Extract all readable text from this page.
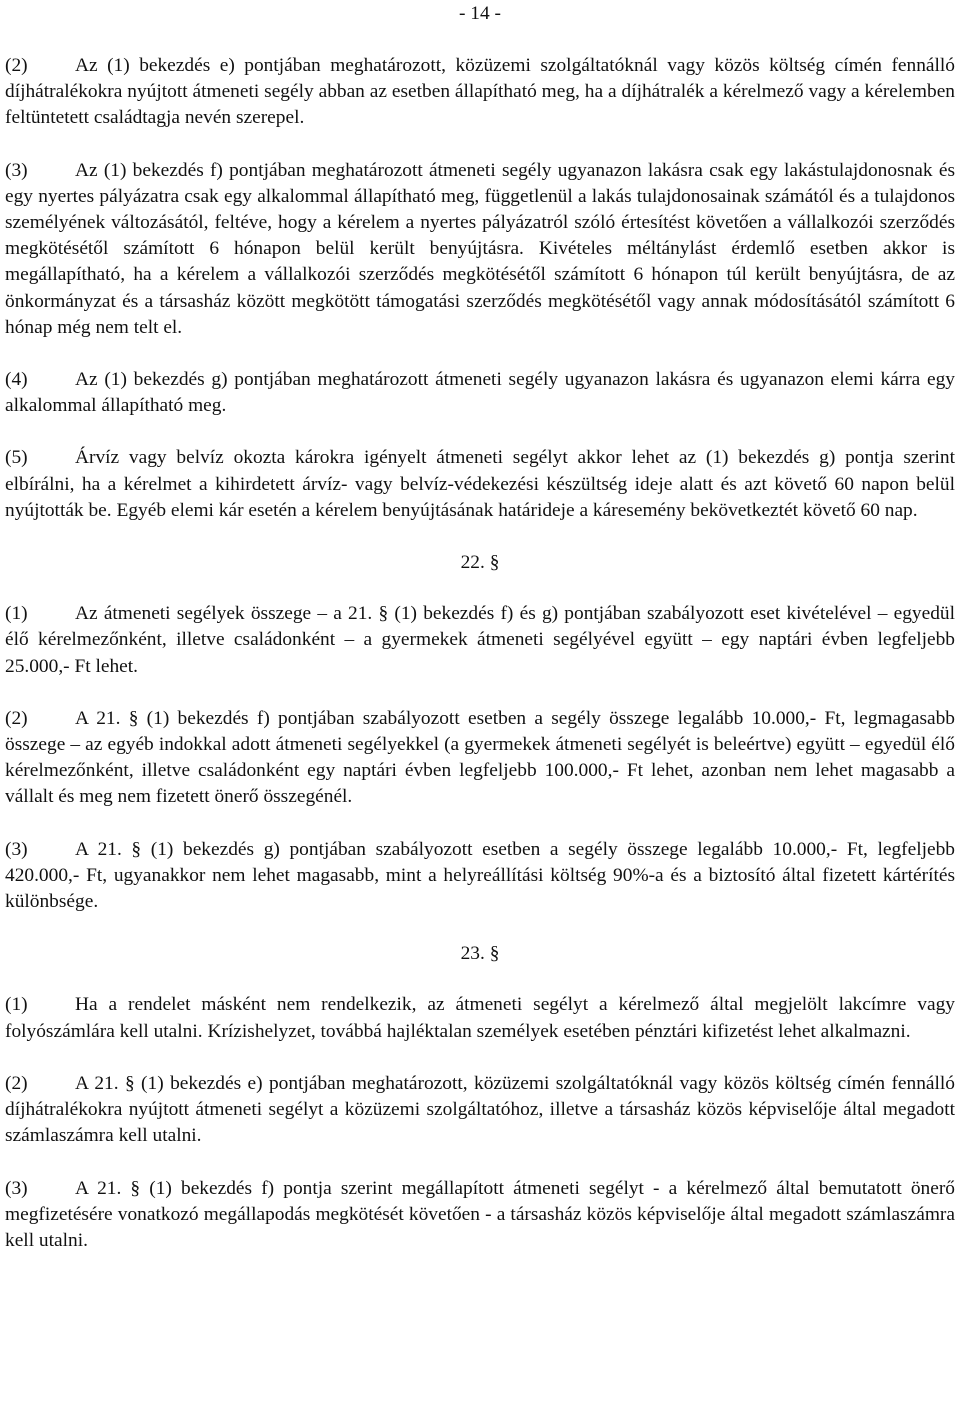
- 14 -

(2) Az (1) bekezdés e) pontjában meghatározott, közüzemi szolgáltatóknál vagy közös költség címén fennálló díjhátralékokra nyújtott átmeneti segély abban az esetben állapítható meg, ha a díjhátralék a kérelmező vagy a kérelemben feltüntetett családtagja nevén szerepel.

(3) Az (1) bekezdés f) pontjában meghatározott átmeneti segély ugyanazon lakásra csak egy lakástulajdonosnak és egy nyertes pályázatra csak egy alkalommal állapítható meg, függetlenül a lakás tulajdonosainak számától és a tulajdonos személyének változásától, feltéve, hogy a kérelem a nyertes pályázatról szóló értesítést követően a vállalkozói szerződés megkötésétől számított 6 hónapon belül került benyújtásra. Kivételes méltánylást érdemlő esetben akkor is megállapítható, ha a kérelem a vállalkozói szerződés megkötésétől számított 6 hónapon túl került benyújtásra, de az önkormányzat és a társasház között megkötött támogatási szerződés megkötésétől vagy annak módosításától számított 6 hónap még nem telt el.

(4) Az (1) bekezdés g) pontjában meghatározott átmeneti segély ugyanazon lakásra és ugyanazon elemi kárra egy alkalommal állapítható meg.

(5) Árvíz vagy belvíz okozta károkra igényelt átmeneti segélyt akkor lehet az (1) bekezdés g) pontja szerint elbírálni, ha a kérelmet a kihirdetett árvíz- vagy belvíz-védekezési készültség ideje alatt és azt követő 60 napon belül nyújtották be. Egyéb elemi kár esetén a kérelem benyújtásának határideje a káresemény bekövetkeztét követő 60 nap.

22. §

(1) Az átmeneti segélyek összege – a 21. § (1) bekezdés f) és g) pontjában szabályozott eset kivételével – egyedül élő kérelmezőnként, illetve családonként – a gyermekek átmeneti segélyével együtt – egy naptári évben legfeljebb 25.000,- Ft lehet.

(2) A 21. § (1) bekezdés f) pontjában szabályozott esetben a segély összege legalább 10.000,- Ft, legmagasabb összege – az egyéb indokkal adott átmeneti segélyekkel (a gyermekek átmeneti segélyét is beleértve) együtt – egyedül élő kérelmezőnként, illetve családonként egy naptári évben legfeljebb 100.000,- Ft lehet, azonban nem lehet magasabb a vállalt és meg nem fizetett önerő összegénél.

(3) A 21. § (1) bekezdés g) pontjában szabályozott esetben a segély összege legalább 10.000,- Ft, legfeljebb 420.000,- Ft, ugyanakkor nem lehet magasabb, mint a helyreállítási költség 90%-a és a biztosító által fizetett kártérítés különbsége.

23. §

(1) Ha a rendelet másként nem rendelkezik, az átmeneti segélyt a kérelmező által megjelölt lakcímre vagy folyószámlára kell utalni. Krízishelyzet, továbbá hajléktalan személyek esetében pénztári kifizetést lehet alkalmazni.

(2) A 21. § (1) bekezdés e) pontjában meghatározott, közüzemi szolgáltatóknál vagy közös költség címén fennálló díjhátralékokra nyújtott átmeneti segélyt a közüzemi szolgáltatóhoz, illetve a társasház közös képviselője által megadott számlaszámra kell utalni.

(3) A 21. § (1) bekezdés f) pontja szerint megállapított átmeneti segélyt - a kérelmező által bemutatott önerő megfizetésére vonatkozó megállapodás megkötését követően - a társasház közös képviselője által megadott számlaszámra kell utalni.
